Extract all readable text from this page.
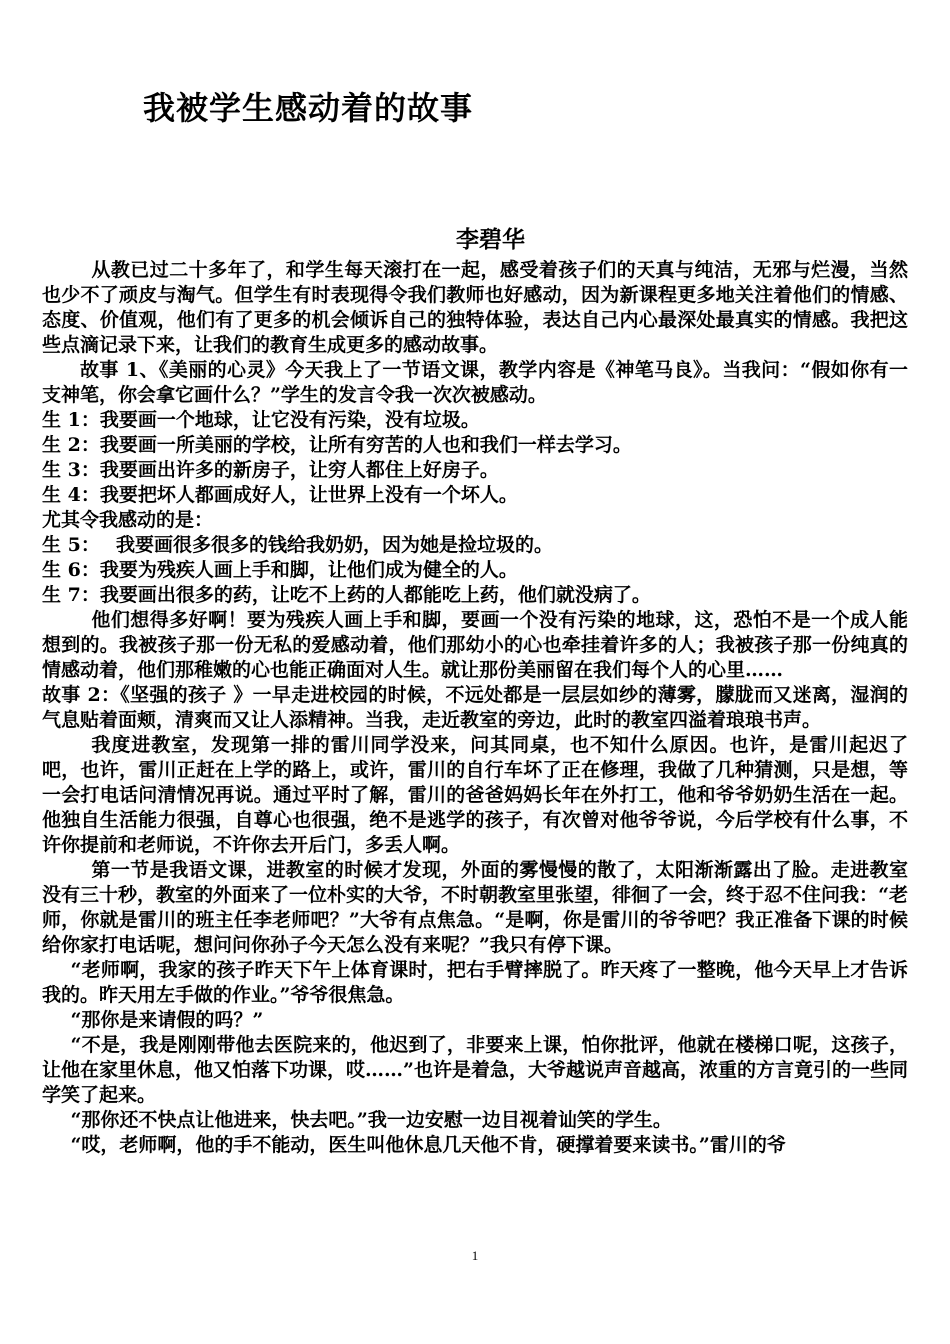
我被学生感动着的故事
李碧华

从教已过二十多年了，和学生每天滚打在一起，感受着孩子们的天真与纯洁，无邪与烂漫，当然也少不了顽皮与淘气。但学生有时表现得令我们教师也好感动，因为新课程更多地关注着他们的情感、态度、价值观，他们有了更多的机会倾诉自己的独特体验，表达自己内心最深处最真实的情感。我把这些点滴记录下来，让我们的教育生成更多的感动故事。

故事 1、《美丽的心灵》今天我上了一节语文课，教学内容是《神笔马良》。当我问：“假如你有一支神笔，你会拿它画什么？”学生的发言令我一次次被感动。

生 1：我要画一个地球，让它没有污染，没有垃圾。

生 2：我要画一所美丽的学校，让所有穷苦的人也和我们一样去学习。

生 3：我要画出许多的新房子，让穷人都住上好房子。

生 4：我要把坏人都画成好人，让世界上没有一个坏人。

尤其令我感动的是：

生 5：　 我要画很多很多的钱给我奶奶，因为她是捡垃圾的。

生 6：我要为残疾人画上手和脚，让他们成为健全的人。

生 7：我要画出很多的药，让吃不上药的人都能吃上药，他们就没病了。

他们想得多好啊！要为残疾人画上手和脚，要画一个没有污染的地球，这，恐怕不是一个成人能想到的。我被孩子那一份无私的爱感动着，他们那幼小的心也牵挂着许多的人；我被孩子那一份纯真的情感动着，他们那稚嫩的心也能正确面对人生。就让那份美丽留在我们每个人的心里……

故事 2：《坚强的孩子 》一早走进校园的时候，不远处都是一层层如纱的薄雾，朦胧而又迷离，湿润的气息贴着面颊，清爽而又让人添精神。当我，走近教室的旁边，此时的教室四溢着琅琅书声。

我度进教室，发现第一排的雷川同学没来，问其同桌，也不知什么原因。也许，是雷川起迟了吧，也许，雷川正赶在上学的路上，或许，雷川的自行车坏了正在修理，我做了几种猜测，只是想，等一会打电话问清情况再说。通过平时了解，雷川的爸爸妈妈长年在外打工，他和爷爷奶奶生活在一起。他独自生活能力很强，自尊心也很强，绝不是逃学的孩子，有次曾对他爷爷说，今后学校有什么事，不许你提前和老师说，不许你去开后门，多丢人啊。

第一节是我语文课，进教室的时候才发现，外面的雾慢慢的散了，太阳渐渐露出了脸。走进教室没有三十秒，教室的外面来了一位朴实的大爷，不时朝教室里张望，徘徊了一会，终于忍不住问我：“老师，你就是雷川的班主任李老师吧？”大爷有点焦急。“是啊，你是雷川的爷爷吧？我正准备下课的时候给你家打电话呢，想问问你孙子今天怎么没有来呢？”我只有停下课。

“老师啊，我家的孩子昨天下午上体育课时，把右手臂摔脱了。昨天疼了一整晚，他今天早上才告诉我的。昨天用左手做的作业。”爷爷很焦急。

“那你是来请假的吗？”

“不是，我是刚刚带他去医院来的，他迟到了，非要来上课，怕你批评，他就在楼梯口呢，这孩子，让他在家里休息，他又怕落下功课，哎……”也许是着急，大爷越说声音越高，浓重的方言竟引的一些同学笑了起来。

“那你还不快点让他进来，快去吧。”我一边安慰一边目视着讪笑的学生。

“哎，老师啊，他的手不能动，医生叫他休息几天他不肯，硬撑着要来读书。”雷川的爷

1
